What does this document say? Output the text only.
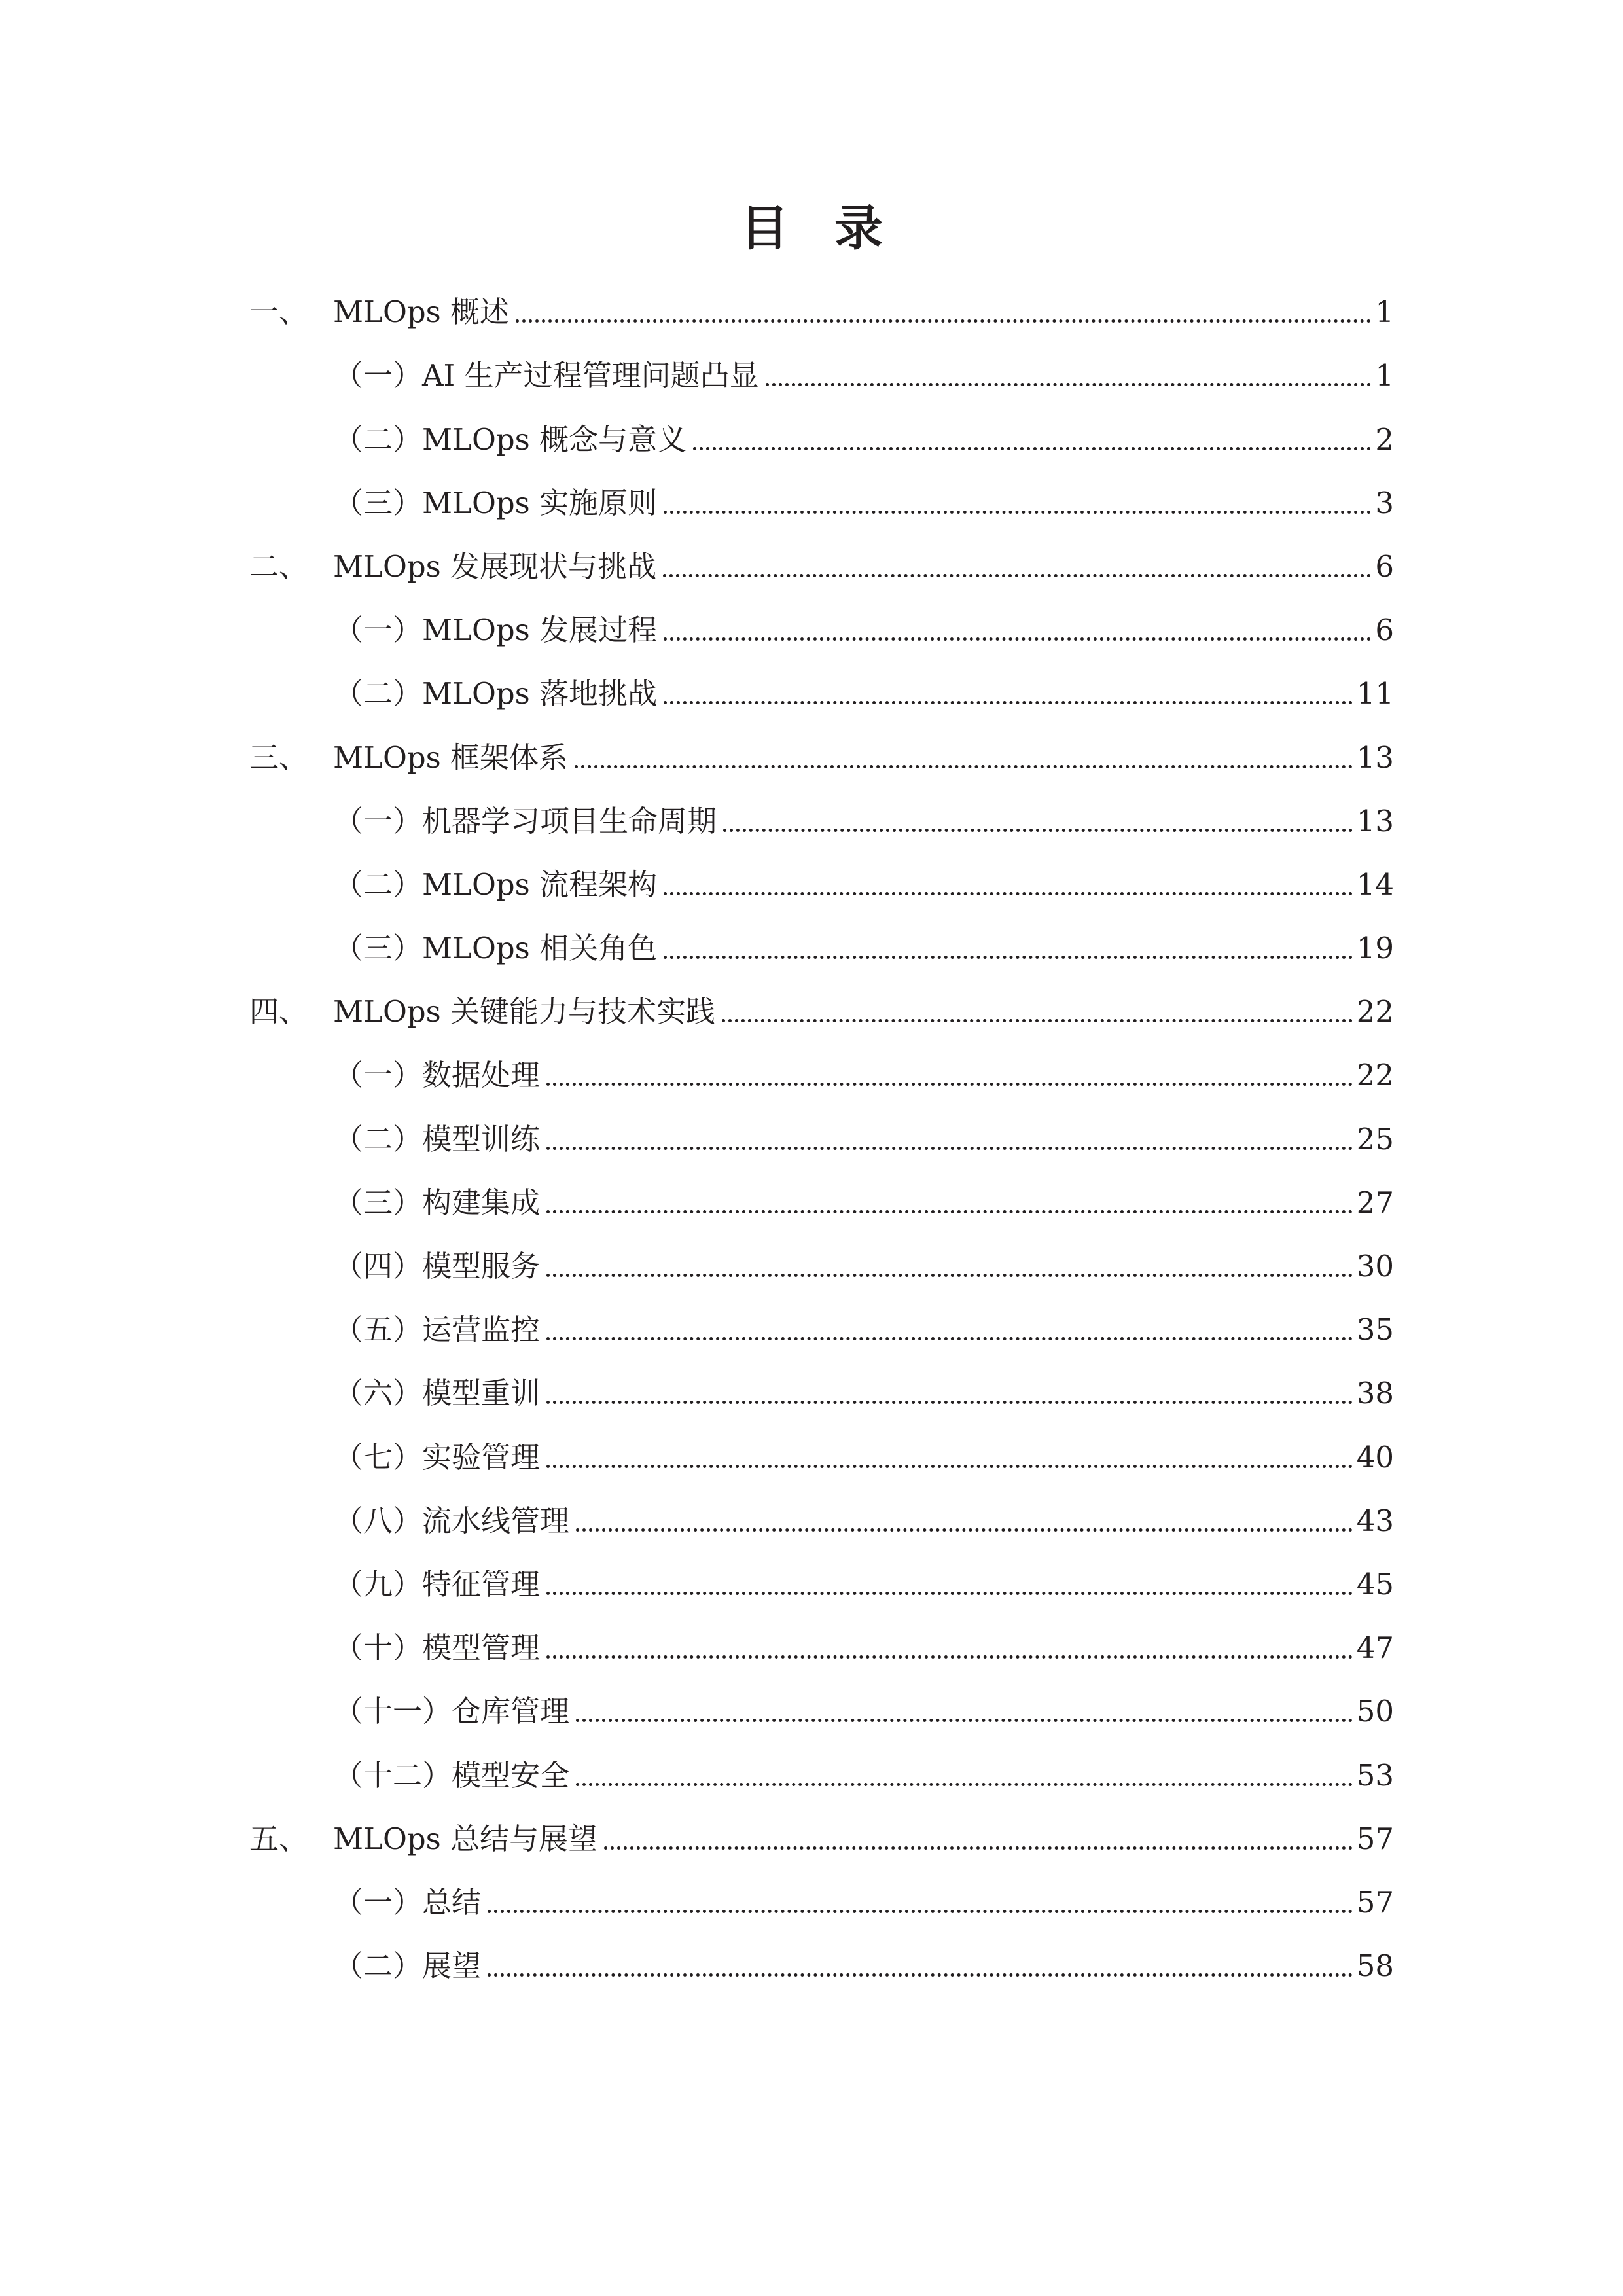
目 录
一、 MLOps 概述	1
（一） AI 生产过程管理问题凸显	1
（二） MLOps 概念与意义	2
（三） MLOps 实施原则	3
二、 MLOps 发展现状与挑战	6
（一） MLOps 发展过程	6
（二） MLOps 落地挑战	11
三、 MLOps 框架体系	13
（一） 机器学习项目生命周期	13
（二） MLOps 流程架构	14
（三） MLOps 相关角色	19
四、 MLOps 关键能力与技术实践	22
（一） 数据处理	22
（二） 模型训练	25
（三） 构建集成	27
（四） 模型服务	30
（五） 运营监控	35
（六） 模型重训	38
（七） 实验管理	40
（八） 流水线管理	43
（九） 特征管理	45
（十） 模型管理	47
（十一） 仓库管理	50
（十二） 模型安全	53
五、 MLOps 总结与展望	57
（一） 总结	57
（二） 展望	58
